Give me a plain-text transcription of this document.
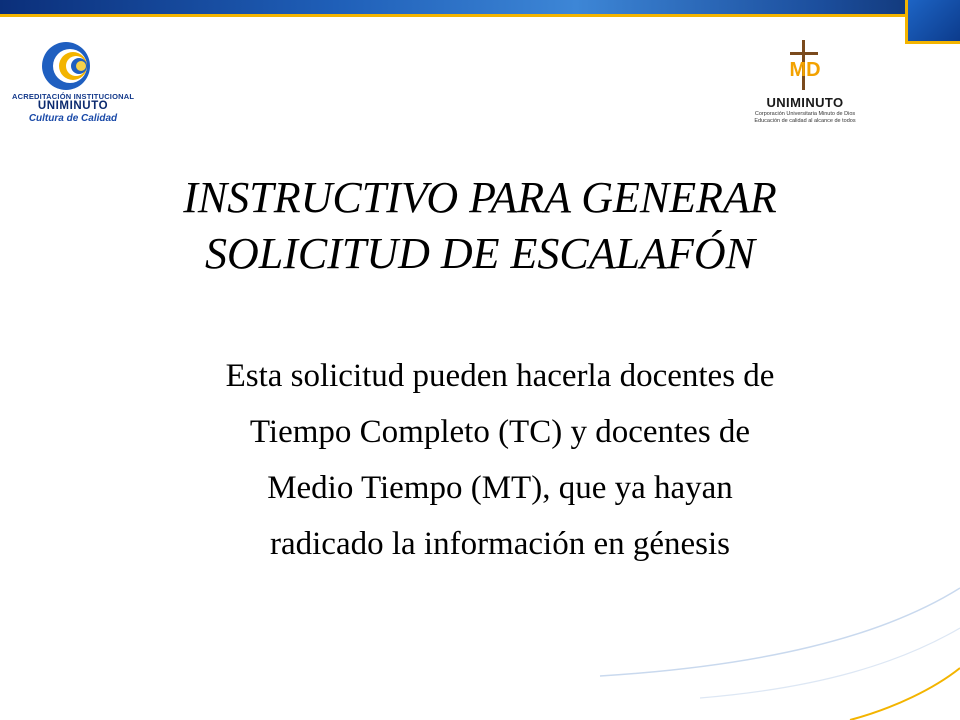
ACREDITACIÓN INSTITUCIONAL
UNIMINUTO
Cultura de Calidad
MD
UNIMINUTO
Corporación Universitaria Minuto de Dios
Educación de calidad al alcance de todos
INSTRUCTIVO PARA GENERAR
SOLICITUD DE ESCALAFÓN
Esta solicitud pueden hacerla docentes de
Tiempo Completo (TC) y docentes de
Medio Tiempo (MT), que ya hayan
radicado la información en génesis
